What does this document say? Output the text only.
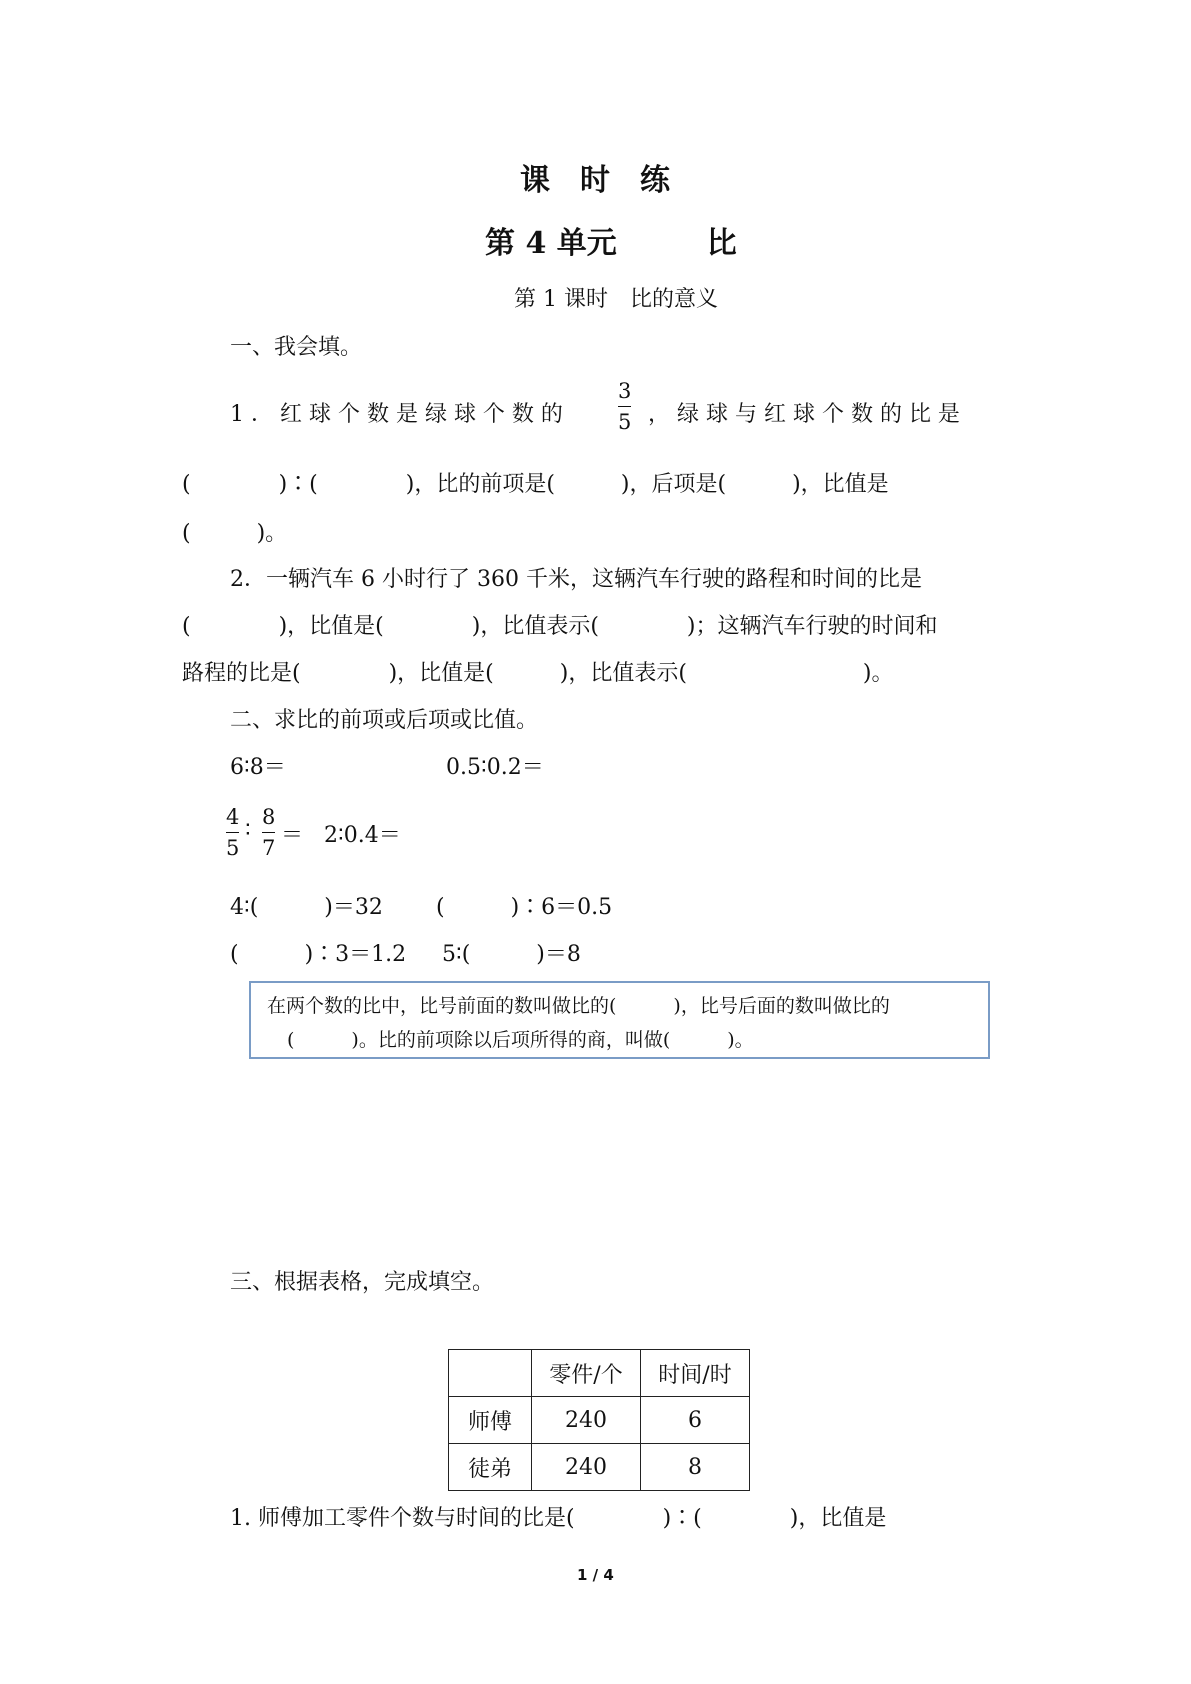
课　时　练
第 4 单元　　　比
第 1 课时　比的意义
一、我会填。
1 ． 红 球 个 数 是 绿 球 个 数 的
3
5 ， 绿 球 与 红 球 个 数 的 比 是
(　　　　)∶(　　　　)，比的前项是(　　　)，后项是(　　　)，比值是
(　　　)。
2．一辆汽车 6 小时行了 360 千米，这辆汽车行驶的路程和时间的比是
(　　　　)，比值是(　　　　)，比值表示(　　　　)；这辆汽车行驶的时间和
路程的比是(　　　　)，比值是(　　　)，比值表示(　　　　　　　　)。
二、求比的前项或后项或比值。
6∶8＝	0.5∶0.2＝
4
5
∶
8
7 ＝ 2∶0.4＝
4∶(　　　)＝32 (　　　)∶6＝0.5
(　　　)∶3＝1.2 5∶(　　　)＝8
在两个数的比中，比号前面的数叫做比的(　　　)，比号后面的数叫做比的
(　　　)。比的前项除以后项所得的商，叫做(　　　)。
三、根据表格，完成填空。
	零件/个	时间/时
师傅	240	6
徒弟	240	8
1. 师傅加工零件个数与时间的比是(　　　　)∶(　　　　)，比值是
1 / 4
